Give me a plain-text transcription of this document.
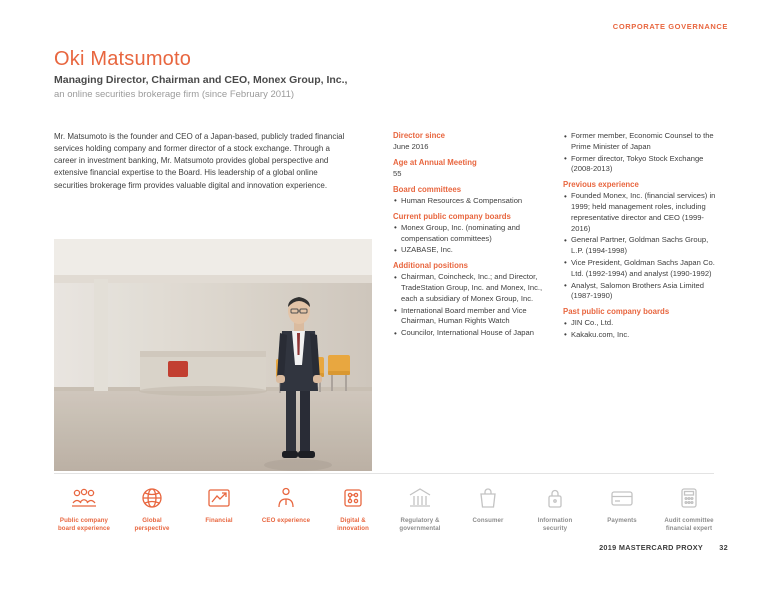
CORPORATE GOVERNANCE
Oki Matsumoto
Managing Director, Chairman and CEO, Monex Group, Inc.,
an online securities brokerage firm (since February 2011)
Mr. Matsumoto is the founder and CEO of a Japan-based, publicly traded financial services holding company and former director of a stock exchange. Through a career in investment banking, Mr. Matsumoto provides global perspective and extensive financial expertise to the Board. His leadership of a global online securities brokerage firm provides valuable digital and innovation experience.
Director since
June 2016
Age at Annual Meeting
55
Board committees
• Human Resources & Compensation
Current public company boards
• Monex Group, Inc. (nominating and compensation committees)
• UZABASE, Inc.
Additional positions
• Chairman, Coincheck, Inc.; and Director, TradeStation Group, Inc. and Monex, Inc., each a subsidiary of Monex Group, Inc.
• International Board member and Vice Chairman, Human Rights Watch
• Councilor, International House of Japan
• Former member, Economic Counsel to the Prime Minister of Japan
• Former director, Tokyo Stock Exchange (2008-2013)
Previous experience
• Founded Monex, Inc. (financial services) in 1999; held management roles, including representative director and CEO (1999-2016)
• General Partner, Goldman Sachs Group, L.P. (1994-1998)
• Vice President, Goldman Sachs Japan Co. Ltd. (1992-1994) and analyst (1990-1992)
• Analyst, Salomon Brothers Asia Limited (1987-1990)
Past public company boards
• JIN Co., Ltd.
• Kakaku.com, Inc.
Public company
board experience
Global
perspective
Financial	CEO experience	Digital &
innovation
Regulatory &
governmental
Consumer	Information
security
Payments	Audit committee
financial expert
2019 MASTERCARD PROXY 32
